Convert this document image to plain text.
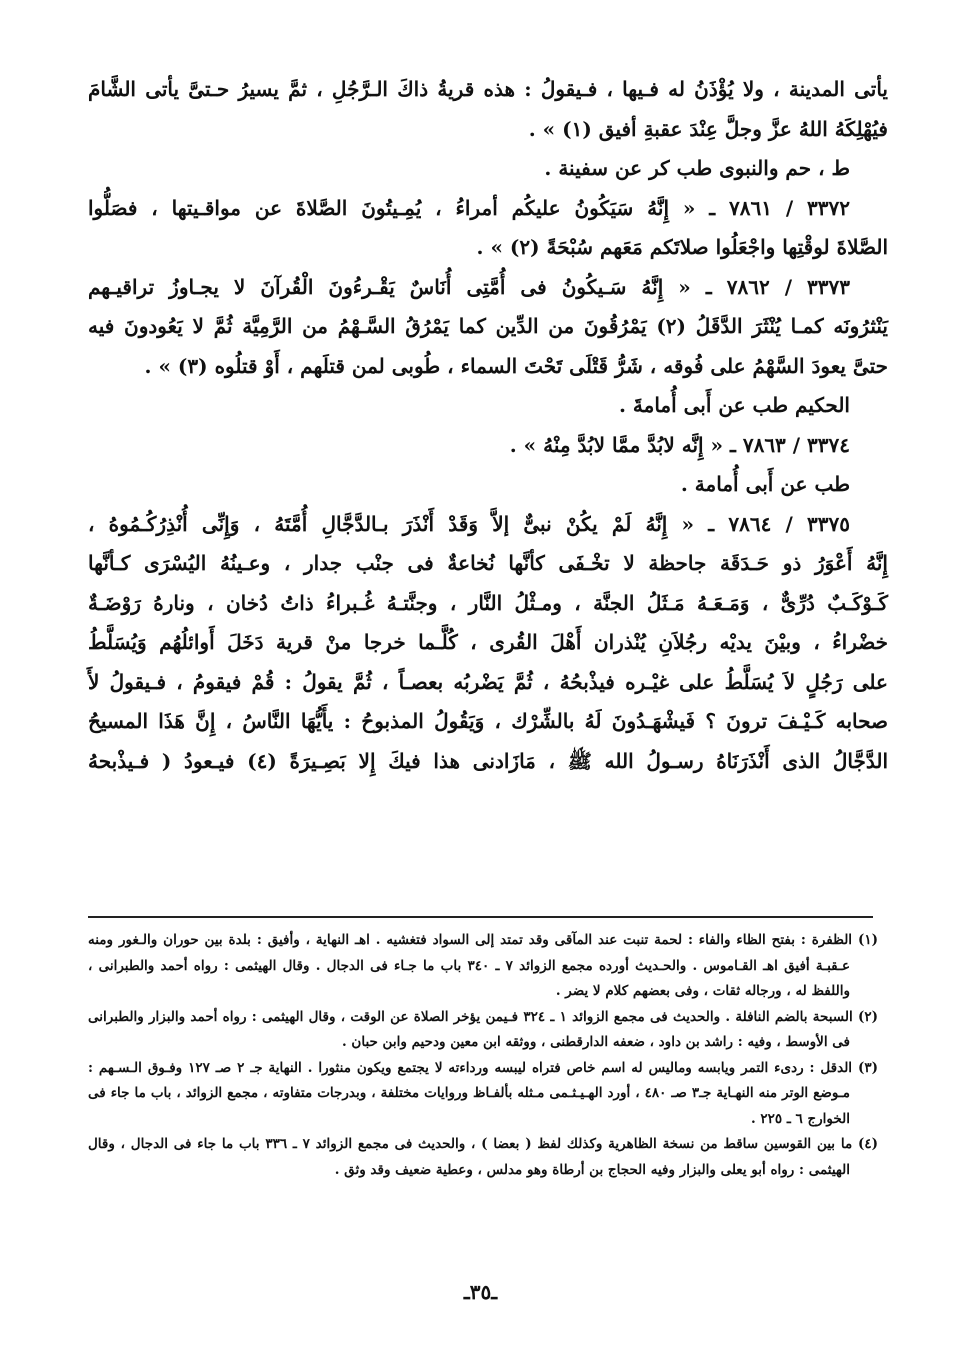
يأتى المدينة ، ولا يُؤْذَنُ له فـيها ، فـيقولُ : هذه قريةُ ذاكَ الـرَّجُلِ ، ثمَّ يسيرُ حـتىَّ يأتى الشَّامَ

فيُهْلِكَهُ اللهُ عزَّ وجلَّ عِنْدَ عقبةِ أفيق (١) » .

ط ، حم والنبوى طب كر عن سفينة .

٣٣٧٢ / ٧٨٦١ ـ « إِنَّهُ سَيَكُونُ عليكُم أمراءُ ، يُمِـيتُونَ الصَّلاةَ عن مواقـيتها ، فصَلُّوا

الصَّلاةَ لوقْتِها واجْعَلُوا صلاتَكم مَعَهم سُبْحَةً (٢) » .

٣٣٧٣ / ٧٨٦٢ ـ « إِنَّهُ سَـيكُونُ فى أُمَّتِى أُنَاسٌ يَقْـرءُونَ الْقُرآنَ لا يجـاوزُ تراقيـهم

يَنْثرُونَه كمـا يُنْثَرَ الدَّقَلُ (٢) يَمْرُقُونَ من الدِّين كما يَمْرُقُ السَّـهْمُ من الرَّمِيَّة ثُمَّ لا يَعُودونَ فيه

حتىَّ يعودَ السَّهْمُ على فُوقه ، شَرُّ قَتْلَى تَحْتَ السماء ، طُوبى لمن قتلَهم ، أَوْ قتلُوه (٣) » .

الحكيم طب عن أَبى أُمامةَ .

٣٣٧٤ / ٧٨٦٣ ـ « إِنَّه لابُدَّ ممَّا لابُدَّ مِنْهُ » .

طب عن أَبى أُمامة .

٣٣٧٥ / ٧٨٦٤ ـ « إِنَّهُ لَمْ يكُنْ نبىٌّ إلاَّ وَقَدْ أَنْذَرَ بـالدَّجَّالِ أُمَّتَهُ ، وَإِنِّى أُنْذِرُكُـمُوهُ ،

إِنَّهُ أَعْوَرُ ذو حَـدَقَة جاحظة لا تخْـفَى كأنَّها نُخاعةٌ فى جنْب جدار ، وعـينُهُ اليُسْرَى كـأنَّها

كَـوْكَـبٌ دُرِّىٌّ ، وَمَـعَـهُ مَـثَلُ الجنَّة ، ومـثْلُ النَّار ، وجنَّتـهُ غُـبراءُ ذاتُ دُخان ، ونارهُ رَوْضَـةٌ

خضْراءُ ، وبيْنَ يديْه رجُلاَنِ يُنْذران أَهْلَ القُرى ، كُلَّـما خرجا منْ قرية دَخَلَ أَوائلُهُم وَيُسَلَّطُ

على رَجُلٍ لاَ يُسَلَّطُ على غيْـره فيذْبحُهُ ، ثُمَّ يَضْربُه بعصـاً ، ثُمَّ يقولُ : قُمْ فيقومُ ، فـيقولُ لأَ

صحابه كَـيْـفَ ترونَ ؟ فَيشْهَـدُونَ لَهُ بالشِّرْك ، وَيَقُولُ المذبوحُ : يأَيُّهَا النَّاسُ ، إِنَّ هَذَا المسيحُ

الدَّجَّالُ الذى أَنْذَرَنَاهُ رسـولُ الله ﷺ ، مَازَادنى هذا فيكَ إِلا بَصِـيرَةً (٤) فيـعودُ ( فـيذْبحهُ

(١) الظفرة : بفتح الظاء والفاء : لحمة تنبت عند المآقى وقد تمتد إلى السواد فتغشيه . اهـ النهاية ، وأفيق : بلدة بين حوران والـغور ومنه عـقبـة أفيق اهـ القـاموس . والحـديث أورده مجمع الزوائد ٧ ـ ٣٤٠ باب ما جـاء فى الدجال . وقال الهيثمى : رواه أحمد والطبرانى ، واللفظ له ، ورجاله ثقات ، وفى بعضهم كلام لا يضر .

(٢) السبحة بالضم النافلة . والحديث فى مجمع الزوائد ١ ـ ٣٢٤ فـيمن يؤخر الصلاة عن الوقت ، وقال الهيثمى : رواه أحمد والبزار والطبرانى فى الأوسط ، وفيه : راشد بن داود ، ضعفه الدارقطنى ، ووثقه ابن معين ودحيم وابن حبان .

(٣) الدقل : ردىء التمر ويابسه وماليس له اسم خاص فتراه ليبسه ورداءته لا يجتمع ويكون منثورا . النهاية جـ ٢ صـ ١٢٧ وفـوق الـسـهم : مـوضع الوتر منه النهـاية جـ٣ صـ ٤٨٠ ، أورد الهـيـثـمى مـثله بألفـاظ وروايات مختلفة ، وبدرجات متفاوته ، مجمع الزوائد ، باب ما جاء فى الخوارج ٦ ـ ٢٢٥ .

(٤) ما بين القوسين ساقط من نسخة الظاهرية وكذلك لفظ ( بعضا ) ، والحديث فى مجمع الزوائد ٧ ـ ٣٣٦ باب ما جاء فى الدجال ، وقال الهيثمى : رواه أبو يعلى والبزار وفيه الحجاج بن أرطاة وهو مدلس ، وعطية ضعيف وقد وثق .

ـ٣٥ـ
